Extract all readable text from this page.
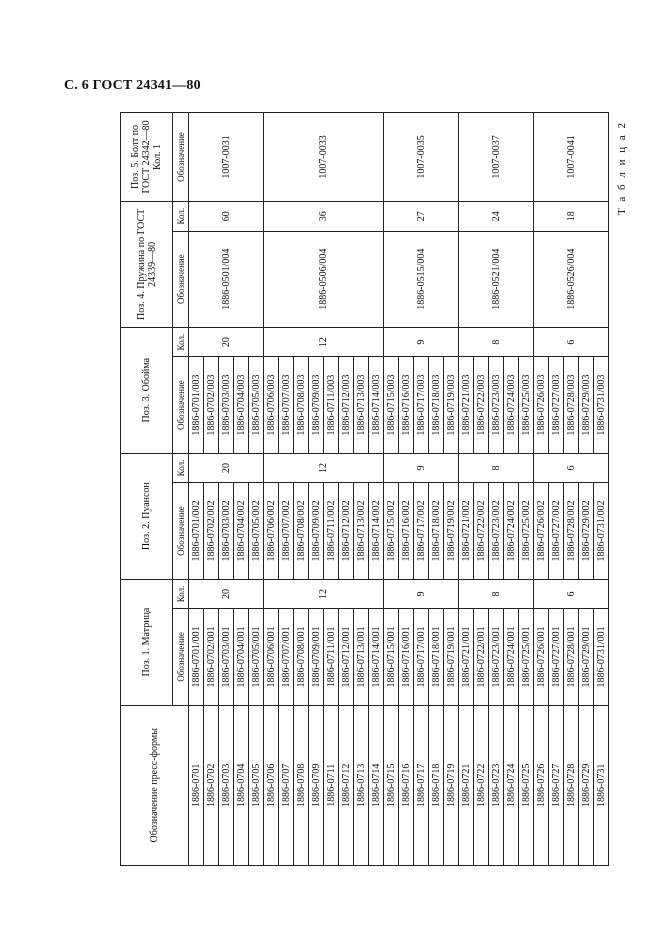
С. 6 ГОСТ 24341—80
Т а б л и ц а 2
Обозначение пресс-формы	Поз. 1. Матрица		Поз. 2. Пуансон		Поз. 3. Обойма		Поз. 4. Пружина по ГОСТ 24339—80		Поз. 5. Болт по ГОСТ 24342—80 Кол. 1
	Обозначение	Кол.	Обозначение	Кол.	Обозначение	Кол.	Обозначение	Кол.	Обозначение
1886-0701	1886-0701/001	20	1886-0701/002	20	1886-0701/003	20	1886-0501/004	60	1007-0031
1886-0702	1886-0702/001		1886-0702/002		1886-0702/003				
1886-0703	1886-0703/001		1886-0703/002		1886-0703/003				
1886-0704	1886-0704/001		1886-0704/002		1886-0704/003				
1886-0705	1886-0705/001		1886-0705/002		1886-0705/003				
1886-0706	1886-0706/001	12	1886-0706/002	12	1886-0706/003	12	1886-0506/004	36	1007-0033
1886-0707	1886-0707/001		1886-0707/002		1886-0707/003				
1886-0708	1886-0708/001		1886-0708/002		1886-0708/003				
1886-0709	1886-0709/001		1886-0709/002		1886-0709/003				
1886-0711	1886-0711/001		1886-0711/002		1886-0711/003				
1886-0712	1886-0712/001		1886-0712/002		1886-0712/003				
1886-0713	1886-0713/001		1886-0713/002		1886-0713/003				
1886-0714	1886-0714/001		1886-0714/002		1886-0714/003				
1886-0715	1886-0715/001	9	1886-0715/002	9	1886-0715/003	9	1886-0515/004	27	1007-0035
1886-0716	1886-0716/001		1886-0716/002		1886-0716/003				
1886-0717	1886-0717/001		1886-0717/002		1886-0717/003				
1886-0718	1886-0718/001		1886-0718/002		1886-0718/003				
1886-0719	1886-0719/001		1886-0719/002		1886-0719/003				
1886-0721	1886-0721/001	8	1886-0721/002	8	1886-0721/003	8	1886-0521/004	24	1007-0037
1886-0722	1886-0722/001		1886-0722/002		1886-0722/003				
1886-0723	1886-0723/001		1886-0723/002		1886-0723/003				
1886-0724	1886-0724/001		1886-0724/002		1886-0724/003				
1886-0725	1886-0725/001		1886-0725/002		1886-0725/003				
1886-0726	1886-0726/001	6	1886-0726/002	6	1886-0726/003	6	1886-0526/004	18	1007-0041
1886-0727	1886-0727/001		1886-0727/002		1886-0727/003				
1886-0728	1886-0728/001		1886-0728/002		1886-0728/003				
1886-0729	1886-0729/001		1886-0729/002		1886-0729/003				
1886-0731	1886-0731/001		1886-0731/002		1886-0731/003				
